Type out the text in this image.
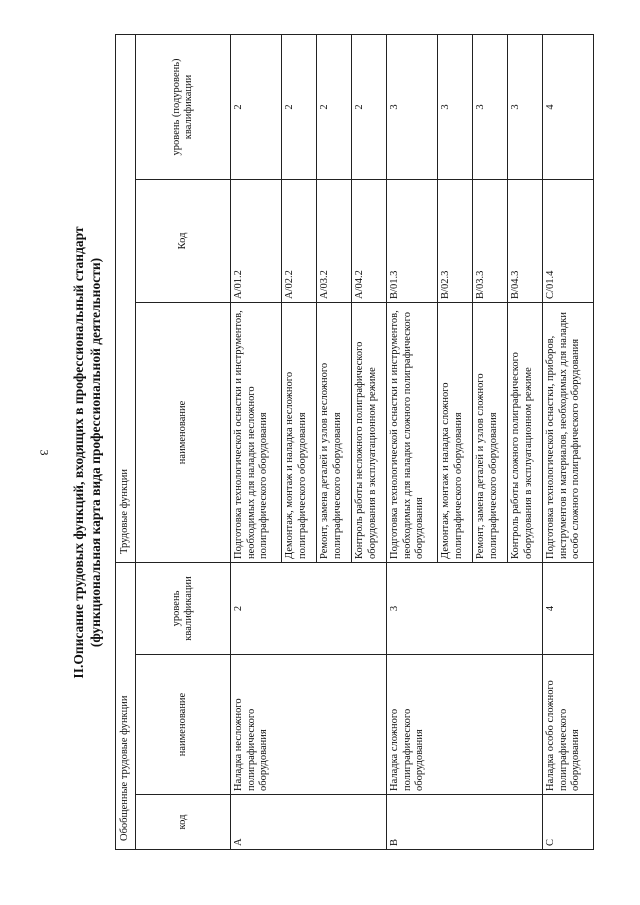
3 II.Описание трудовых функций, входящих в профессиональный стандарт (функциональная карта вида профессиональной деятельности)
Обобщенные трудовые функции			Трудовые функции		
код	наименование	уровень квалификации	наименование	Код	уровень (подуровень) квалификации
A	Наладка несложного полиграфического оборудования	2	Подготовка технологической оснастки и инструментов, необходимых для наладки несложного полиграфического оборудования	A/01.2	2
			Демонтаж, монтаж и наладка несложного полиграфического оборудования	A/02.2	2
			Ремонт, замена деталей и узлов несложного полиграфического оборудования	A/03.2	2
			Контроль работы несложного полиграфического оборудования в эксплуатационном режиме	A/04.2	2
B	Наладка сложного полиграфического оборудования	3	Подготовка технологической оснастки и инструментов, необходимых для наладки сложного полиграфического оборудования	B/01.3	3
			Демонтаж, монтаж и наладка сложного полиграфического оборудования	B/02.3	3
			Ремонт, замена деталей и узлов сложного полиграфического оборудования	B/03.3	3
			Контроль работы сложного полиграфического оборудования в эксплуатационном режиме	B/04.3	3
C	Наладка особо сложного полиграфического оборудования	4	Подготовка технологической оснастки, приборов, инструментов и материалов, необходимых для наладки особо сложного полиграфического оборудования	C/01.4	4
